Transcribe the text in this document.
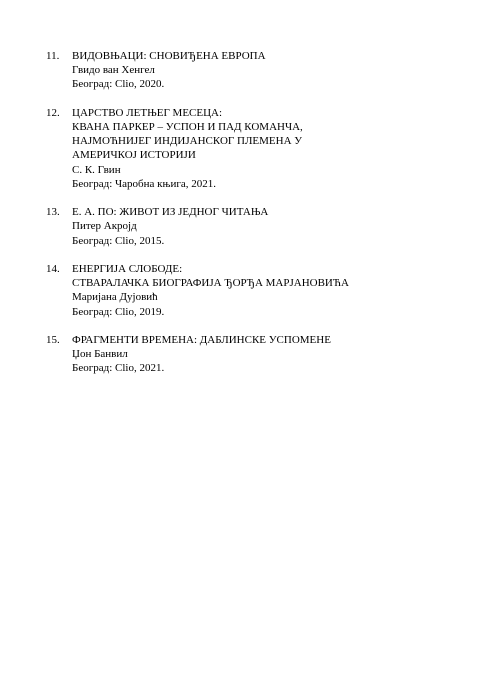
11.	ВИДОВЊАЦИ: СНОВИЂЕНА ЕВРОПА
Гвидо ван Хенгел
Београд: Clio, 2020.
12.	ЦАРСТВО ЛЕТЊЕГ МЕСЕЦА:
КВАНА ПАРКЕР – УСПОН И ПАД КОМАНЧА,
НАЈМОЋНИЈЕГ ИНДИЈАНСКОГ ПЛЕМЕНА У
АМЕРИЧКОЈ ИСТОРИЈИ
С. К. Гвин
Београд: Чаробна књига, 2021.
13.	Е. А. ПО: ЖИВОТ ИЗ ЈЕДНОГ ЧИТАЊА
Питер Акројд
Београд: Clio, 2015.
14.	ЕНЕРГИЈА СЛОБОДЕ:
СТВАРАЛАЧКА БИОГРАФИЈА ЂОРЂА МАРЈАНОВИЋА
Маријана Дујовић
Београд: Clio, 2019.
15.	ФРАГМЕНТИ ВРЕМЕНА: ДАБЛИНСКЕ УСПОМЕНЕ
Џон Банвил
Београд: Clio, 2021.
